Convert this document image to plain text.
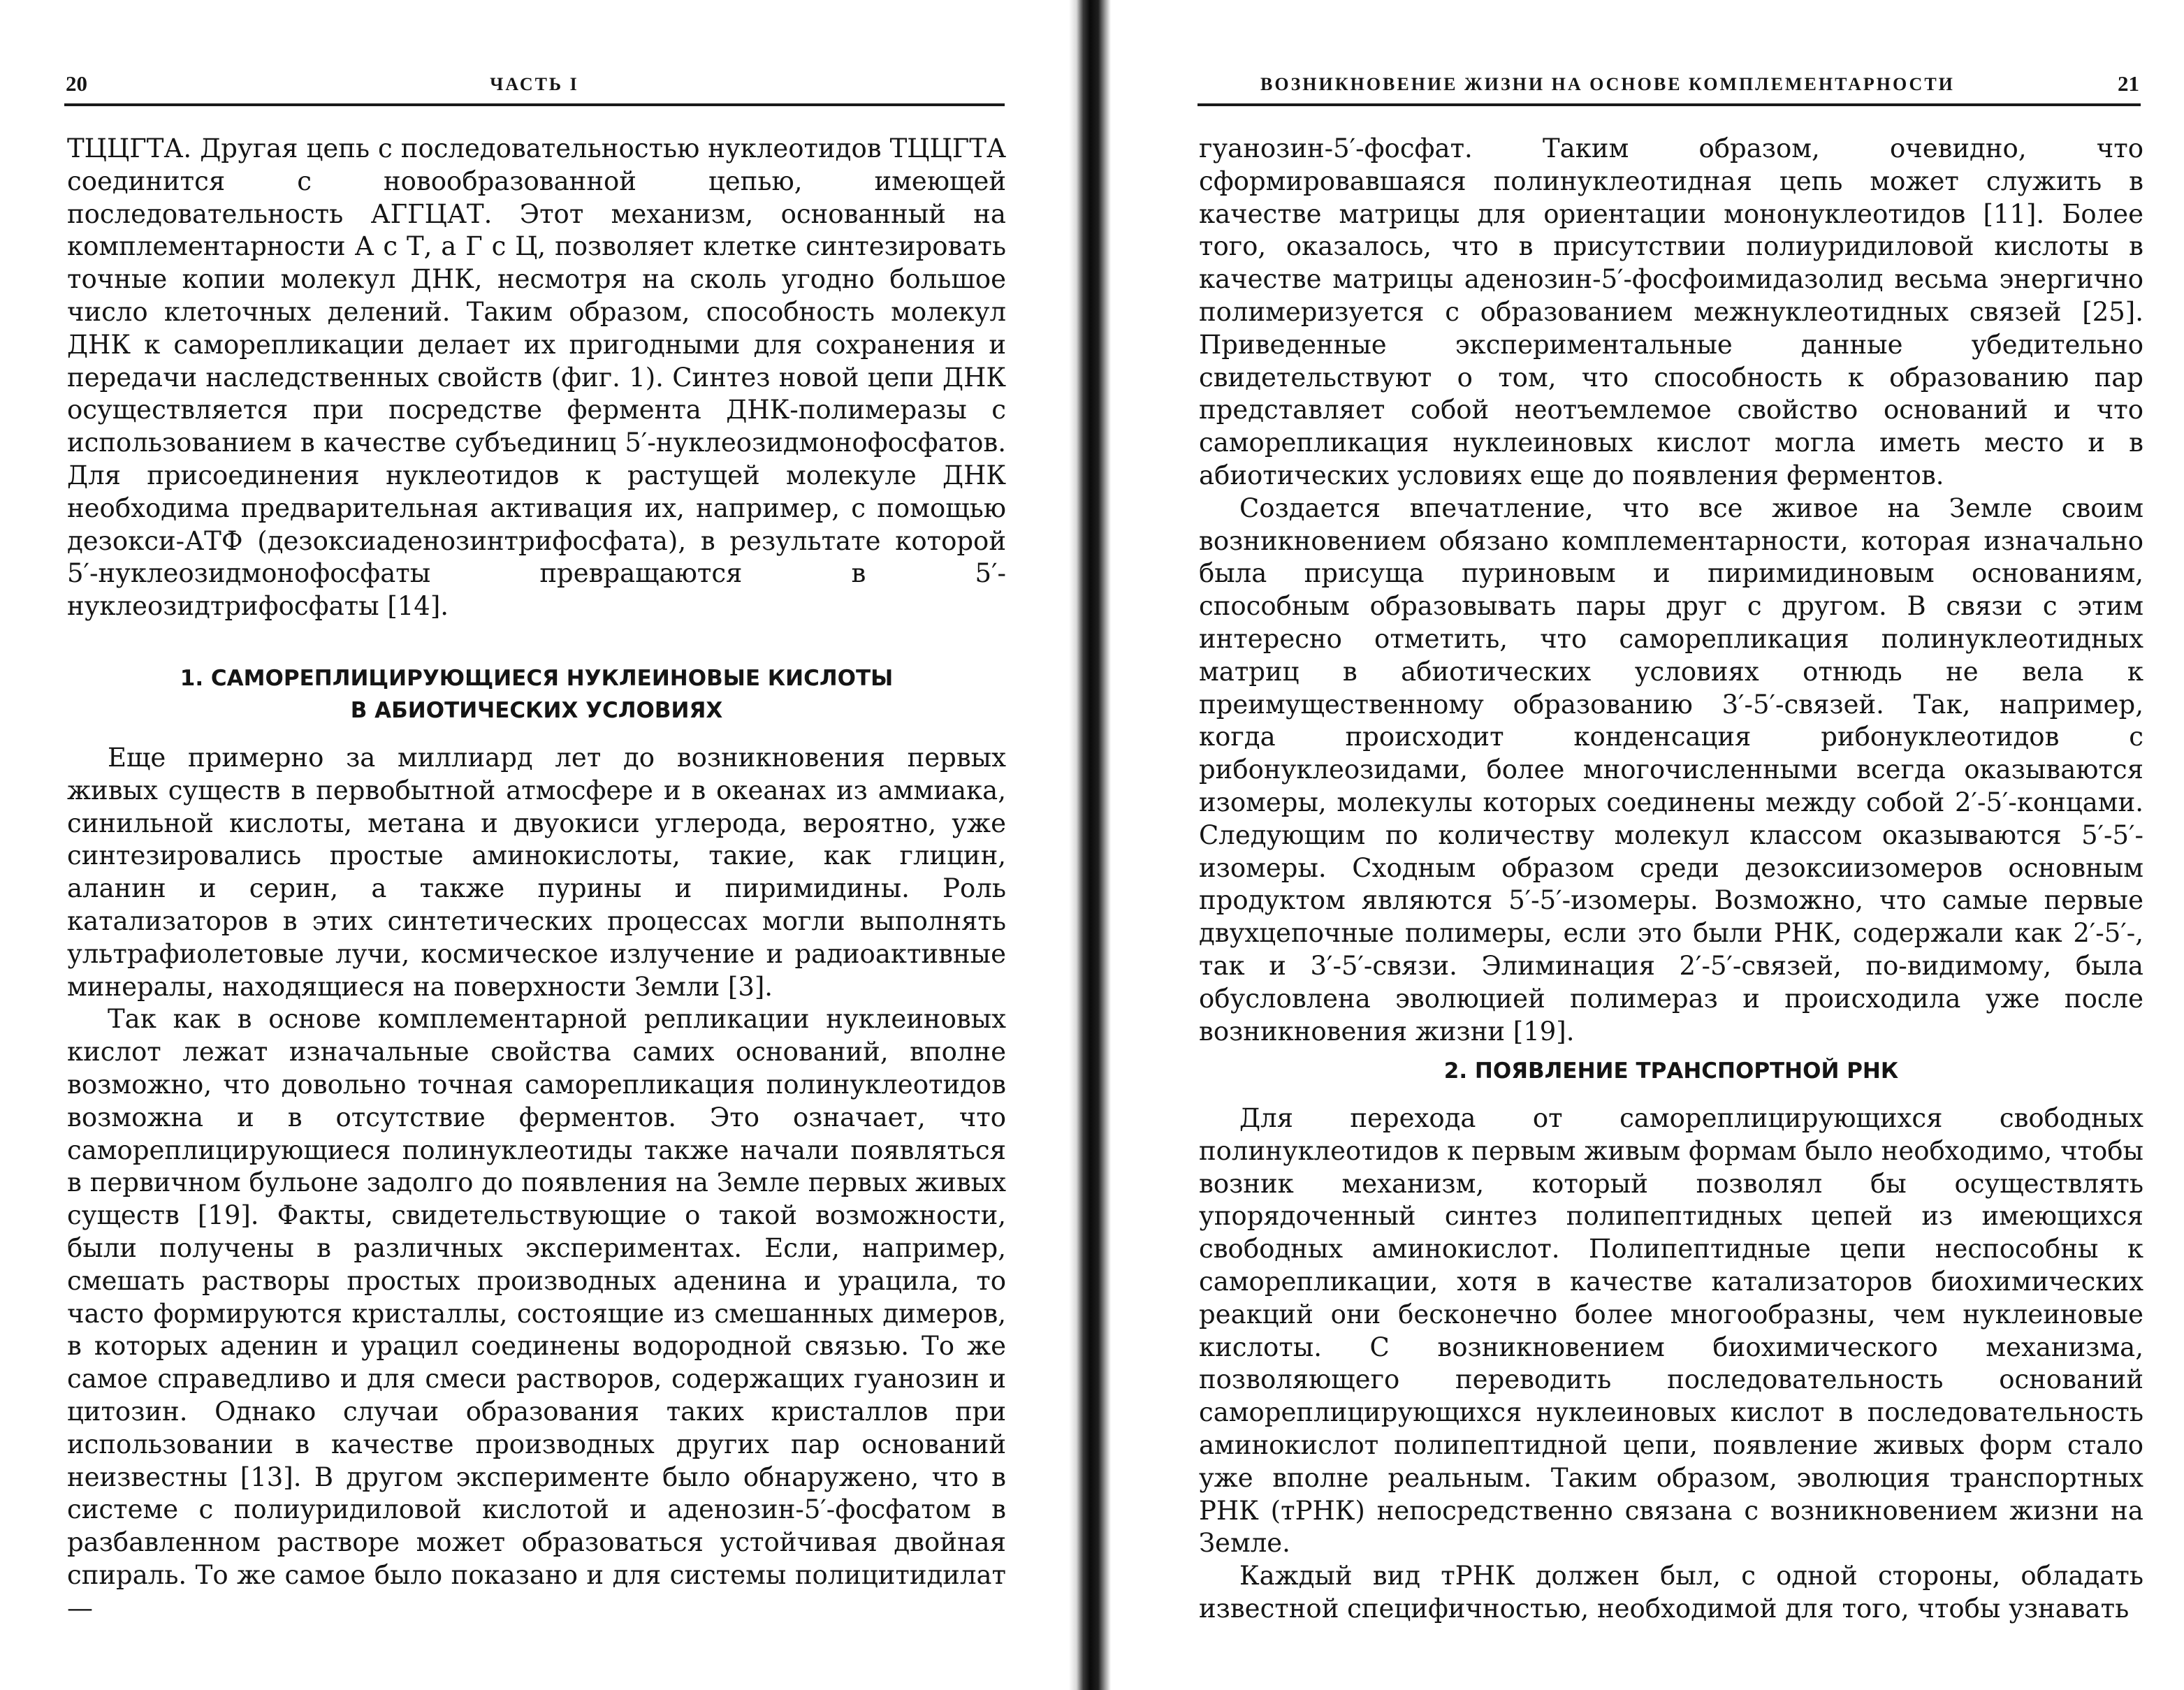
20	ЧАСТЬ I

ТЦЦГТА. Другая цепь с последовательностью нуклеотидов ТЦЦГТА соединится с новообразованной цепью, имеющей последовательность АГГЦАТ. Этот механизм, основанный на комплементарности А с Т, а Г с Ц, позволяет клетке синтезировать точные копии молекул ДНК, несмотря на сколь угодно большое число клеточных делений. Таким образом, способность молекул ДНК к саморепликации делает их пригодными для сохранения и передачи наследственных свойств (фиг. 1). Синтез новой цепи ДНК осуществляется при посредстве фермента ДНК-полимеразы с использованием в качестве субъединиц 5′-нуклеозидмонофосфатов. Для присоединения нуклеотидов к растущей молекуле ДНК необходима предварительная активация их, например, с помощью дезокси-АТФ (дезоксиаденозинтрифосфата), в результате которой 5′-нуклеозидмонофосфаты превращаются в 5′-нуклеозидтрифосфаты [14].

1. САМОРЕПЛИЦИРУЮЩИЕСЯ НУКЛЕИНОВЫЕ КИСЛОТЫ
В АБИОТИЧЕСКИХ УСЛОВИЯХ

Еще примерно за миллиард лет до возникновения первых живых существ в первобытной атмосфере и в океанах из аммиака, синильной кислоты, метана и двуокиси углерода, вероятно, уже синтезировались простые аминокислоты, такие, как глицин, аланин и серин, а также пурины и пиримидины. Роль катализаторов в этих синтетических процессах могли выполнять ультрафиолетовые лучи, космическое излучение и радиоактивные минералы, находящиеся на поверхности Земли [3].

Так как в основе комплементарной репликации нуклеиновых кислот лежат изначальные свойства самих оснований, вполне возможно, что довольно точная саморепликация полинуклеотидов возможна и в отсутствие ферментов. Это означает, что самореплицирующиеся полинуклеотиды также начали появляться в первичном бульоне задолго до появления на Земле первых живых существ [19]. Факты, свидетельствующие о такой возможности, были получены в различных экспериментах. Если, например, смешать растворы простых производных аденина и урацила, то часто формируются кристаллы, состоящие из смешанных димеров, в которых аденин и урацил соединены водородной связью. То же самое справедливо и для смеси растворов, содержащих гуанозин и цитозин. Однако случаи образования таких кристаллов при использовании в качестве производных других пар оснований неизвестны [13]. В другом эксперименте было обнаружено, что в системе с полиуридиловой кислотой и аденозин-5′-фосфатом в разбавленном растворе может образоваться устойчивая двойная спираль. То же самое было показано и для системы полицитидилат —

ВОЗНИКНОВЕНИЕ ЖИЗНИ НА ОСНОВЕ КОМПЛЕМЕНТАРНОСТИ	21

гуанозин-5′-фосфат. Таким образом, очевидно, что сформировавшаяся полинуклеотидная цепь может служить в качестве матрицы для ориентации мононуклеотидов [11]. Более того, оказалось, что в присутствии полиуридиловой кислоты в качестве матрицы аденозин-5′-фосфоимидазолид весьма энергично полимеризуется с образованием межнуклеотидных связей [25]. Приведенные экспериментальные данные убедительно свидетельствуют о том, что способность к образованию пар представляет собой неотъемлемое свойство оснований и что саморепликация нуклеиновых кислот могла иметь место и в абиотических условиях еще до появления ферментов.

Создается впечатление, что все живое на Земле своим возникновением обязано комплементарности, которая изначально была присуща пуриновым и пиримидиновым основаниям, способным образовывать пары друг с другом. В связи с этим интересно отметить, что саморепликация полинуклеотидных матриц в абиотических условиях отнюдь не вела к преимущественному образованию 3′-5′-связей. Так, например, когда происходит конденсация рибонуклеотидов с рибонуклеозидами, более многочисленными всегда оказываются изомеры, молекулы которых соединены между собой 2′-5′-концами. Следующим по количеству молекул классом оказываются 5′-5′-изомеры. Сходным образом среди дезоксиизомеров основным продуктом являются 5′-5′-изомеры. Возможно, что самые первые двухцепочные полимеры, если это были РНК, содержали как 2′-5′-, так и 3′-5′-связи. Элиминация 2′-5′-связей, по-видимому, была обусловлена эволюцией полимераз и происходила уже после возникновения жизни [19].

2. ПОЯВЛЕНИЕ ТРАНСПОРТНОЙ РНК

Для перехода от самореплицирующихся свободных полинуклеотидов к первым живым формам было необходимо, чтобы возник механизм, который позволял бы осуществлять упорядоченный синтез полипептидных цепей из имеющихся свободных аминокислот. Полипептидные цепи неспособны к саморепликации, хотя в качестве катализаторов биохимических реакций они бесконечно более многообразны, чем нуклеиновые кислоты. С возникновением биохимического механизма, позволяющего переводить последовательность оснований самореплицирующихся нуклеиновых кислот в последовательность аминокислот полипептидной цепи, появление живых форм стало уже вполне реальным. Таким образом, эволюция транспортных РНК (тРНК) непосредственно связана с возникновением жизни на Земле.

Каждый вид тРНК должен был, с одной стороны, обладать известной специфичностью, необходимой для того, чтобы узнавать
